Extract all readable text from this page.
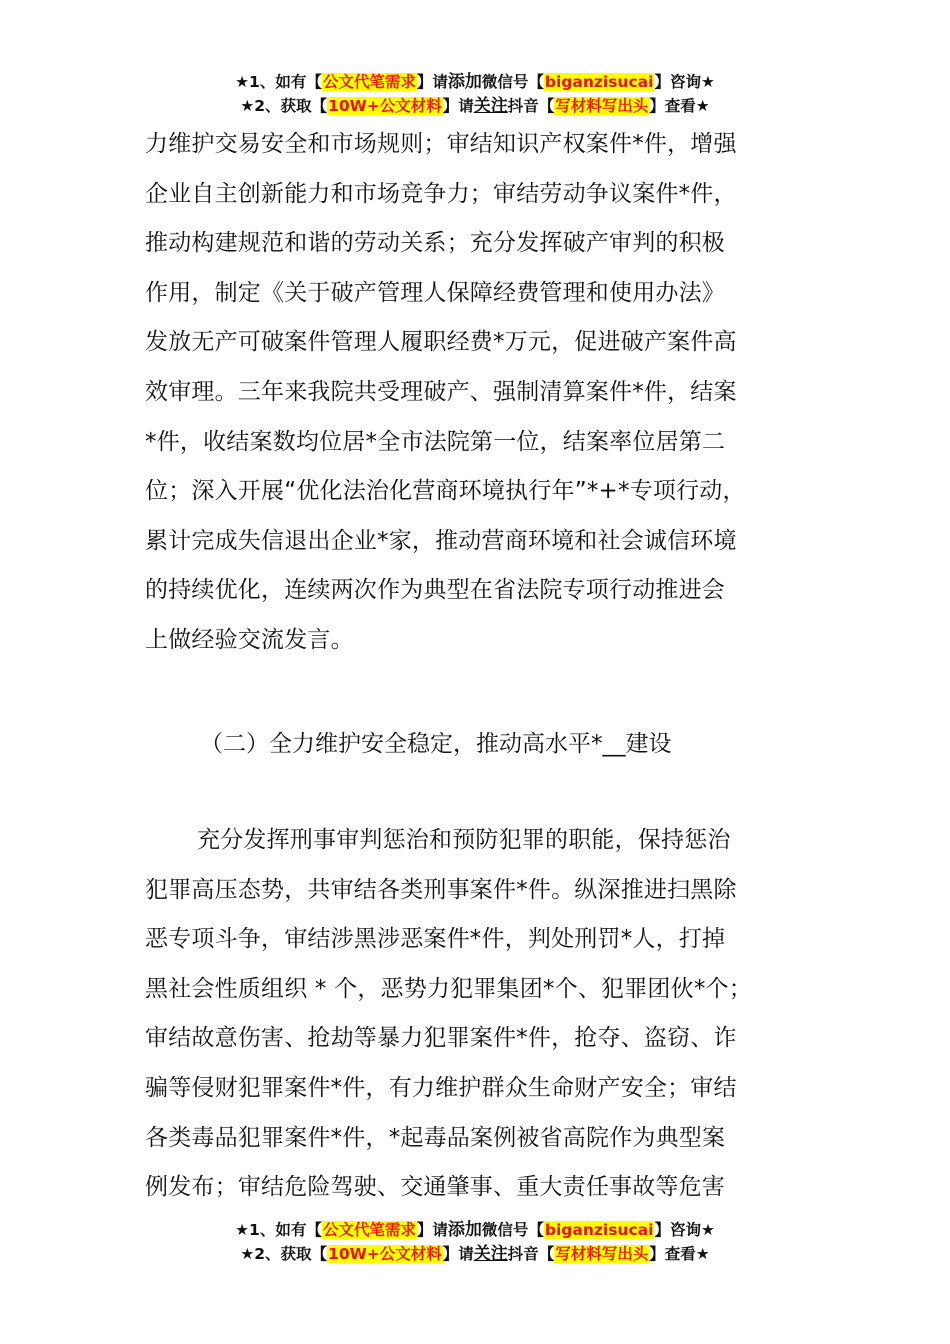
★1、如有【公文代笔需求】请添加微信号【biganzisucai】咨询★
★2、获取【10W+公文材料】请关注抖音【写材料写出头】查看★
力维护交易安全和市场规则；审结知识产权案件*件，增强
企业自主创新能力和市场竞争力；审结劳动争议案件*件，
推动构建规范和谐的劳动关系；充分发挥破产审判的积极
作用，制定《关于破产管理人保障经费管理和使用办法》
发放无产可破案件管理人履职经费*万元，促进破产案件高
效审理。三年来我院共受理破产、强制清算案件*件，结案
*件，收结案数均位居*全市法院第一位，结案率位居第二
位；深入开展“优化法治化营商环境执行年”*+*专项行动，
累计完成失信退出企业*家，推动营商环境和社会诚信环境
的持续优化，连续两次作为典型在省法院专项行动推进会
上做经验交流发言。
（二）全力维护安全稳定，推动高水平*__建设
充分发挥刑事审判惩治和预防犯罪的职能，保持惩治
犯罪高压态势，共审结各类刑事案件*件。纵深推进扫黑除
恶专项斗争，审结涉黑涉恶案件*件，判处刑罚*人，打掉
黑社会性质组织 * 个，恶势力犯罪集团*个、犯罪团伙*个；
审结故意伤害、抢劫等暴力犯罪案件*件，抢夺、盗窃、诈
骗等侵财犯罪案件*件，有力维护群众生命财产安全；审结
各类毒品犯罪案件*件，*起毒品案例被省高院作为典型案
例发布；审结危险驾驶、交通肇事、重大责任事故等危害
★1、如有【公文代笔需求】请添加微信号【biganzisucai】咨询★
★2、获取【10W+公文材料】请关注抖音【写材料写出头】查看★
